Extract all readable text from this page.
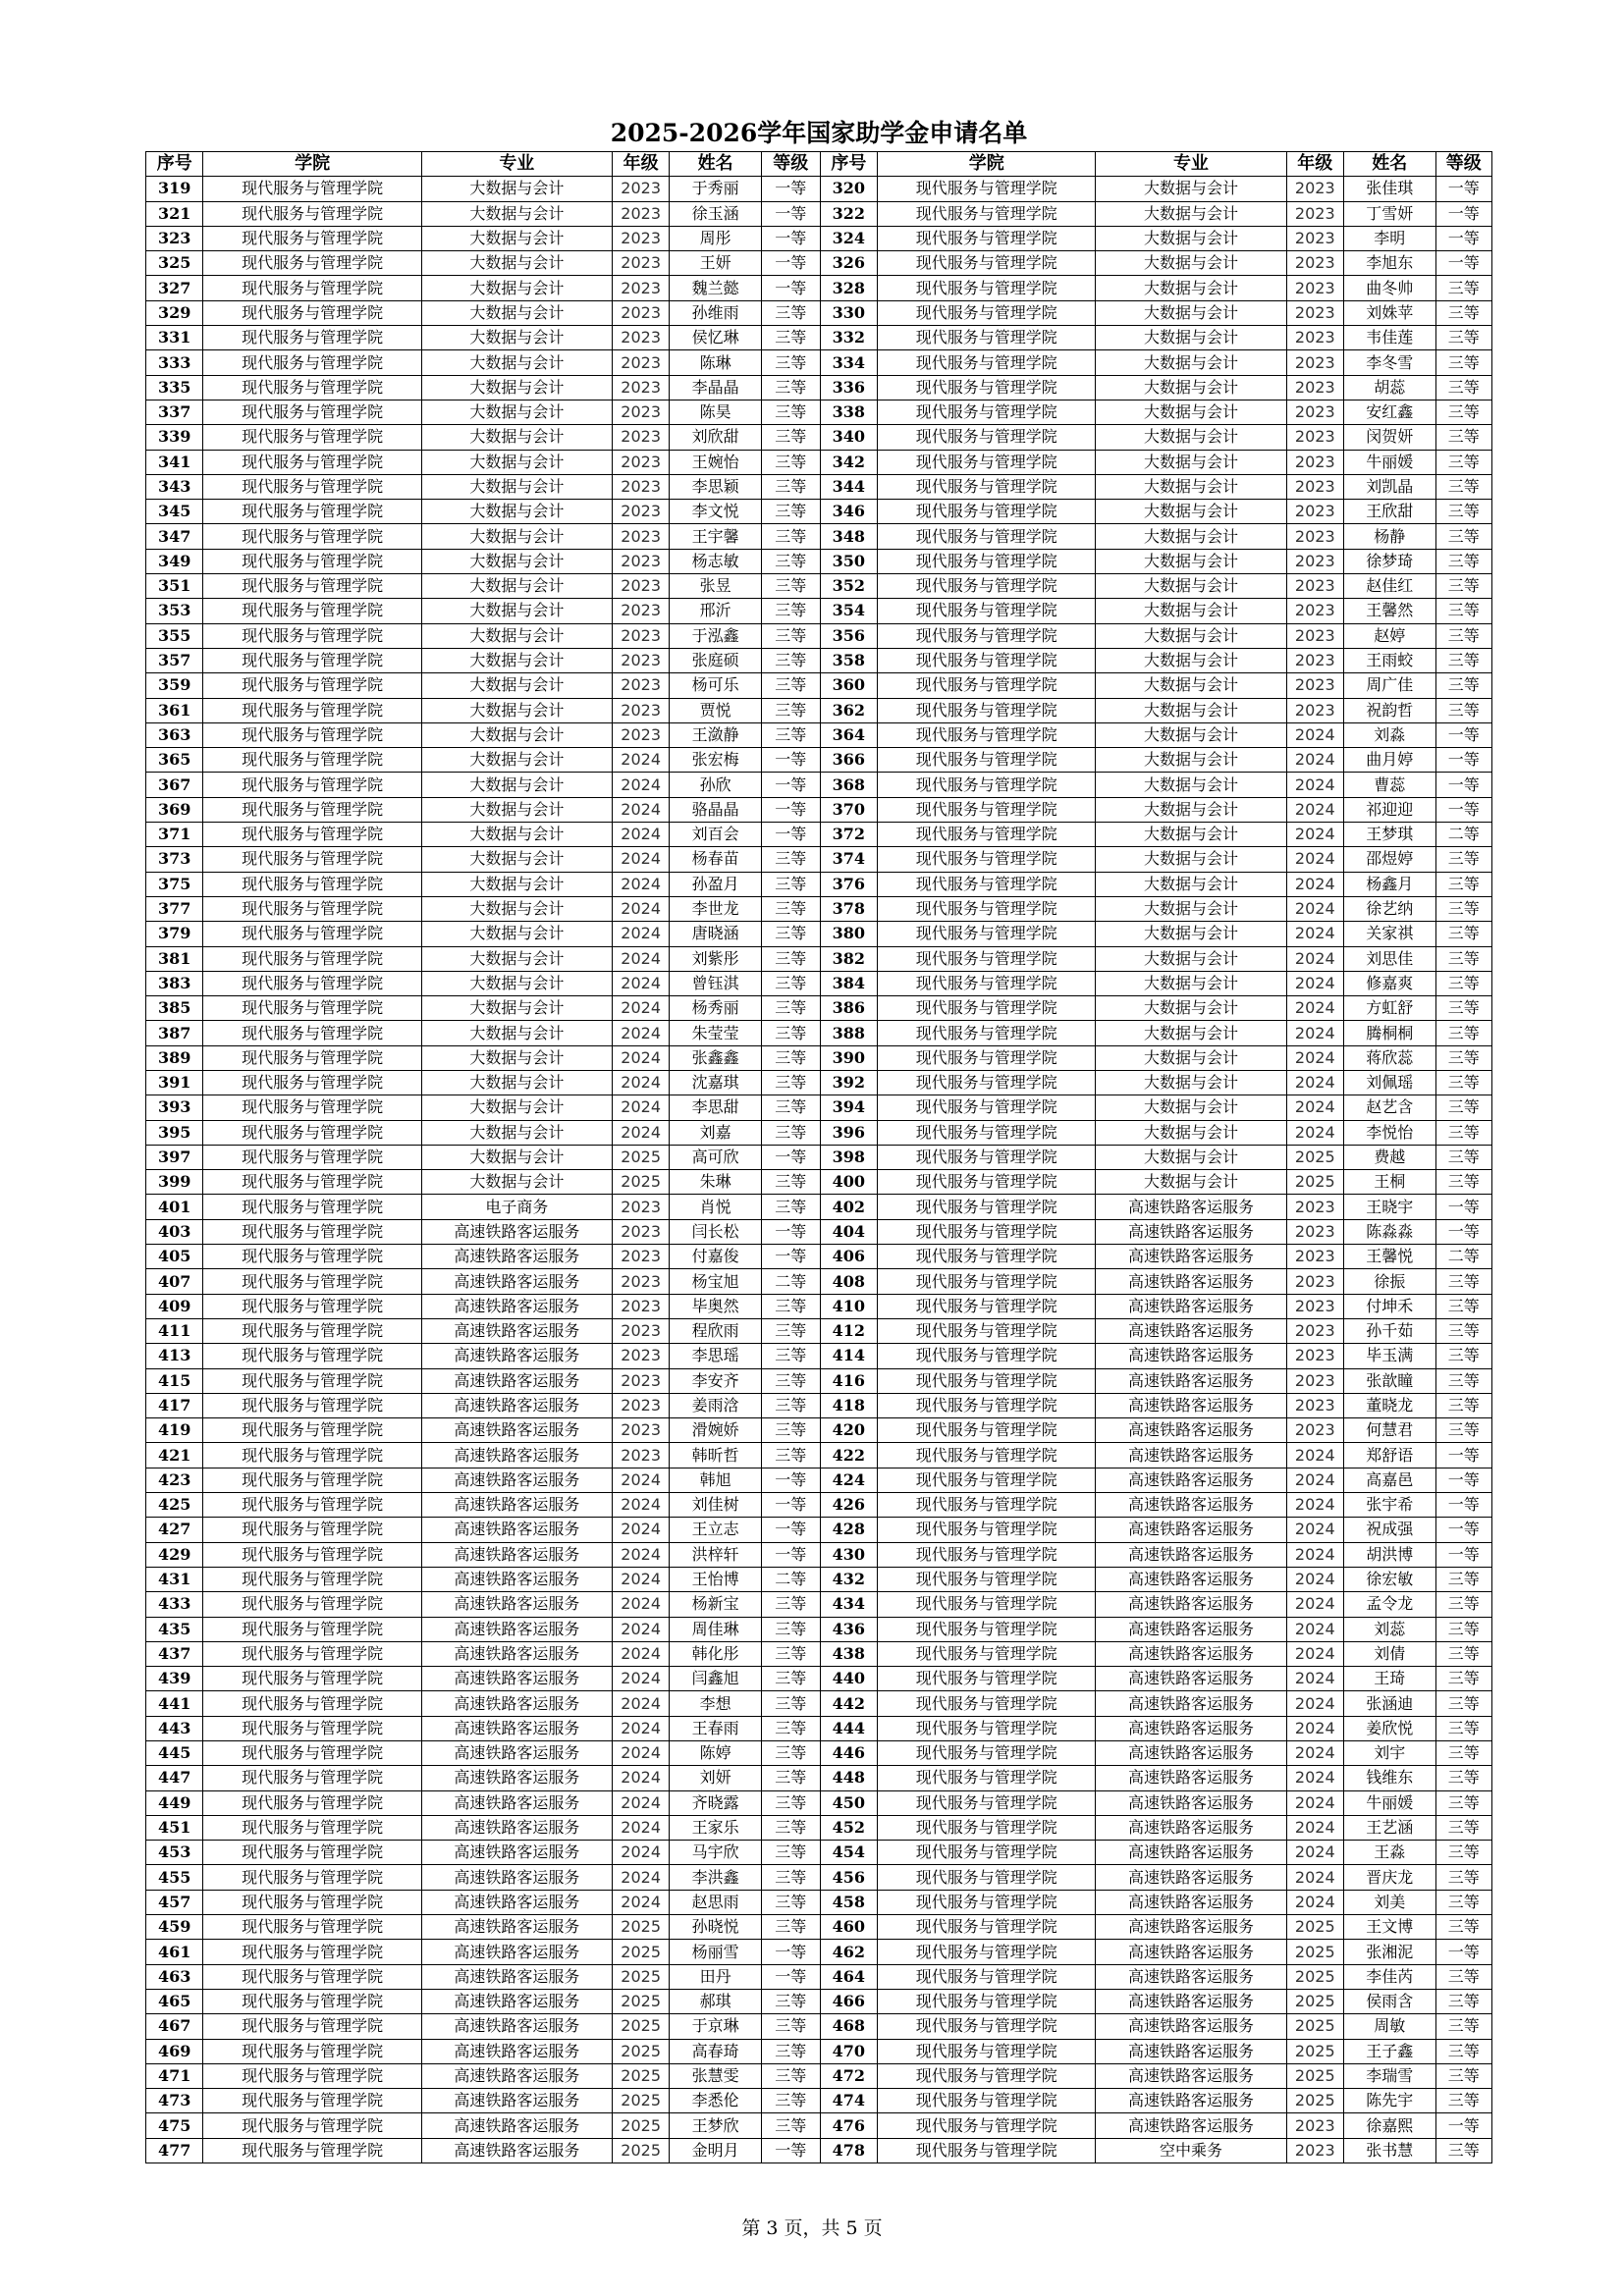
2025-2026学年国家助学金申请名单
序号	学院	专业	年级	姓名	等级	序号	学院	专业	年级	姓名	等级
319	现代服务与管理学院	大数据与会计	2023	于秀丽	一等	320	现代服务与管理学院	大数据与会计	2023	张佳琪	一等
321	现代服务与管理学院	大数据与会计	2023	徐玉涵	一等	322	现代服务与管理学院	大数据与会计	2023	丁雪妍	一等
323	现代服务与管理学院	大数据与会计	2023	周彤	一等	324	现代服务与管理学院	大数据与会计	2023	李明	一等
325	现代服务与管理学院	大数据与会计	2023	王妍	一等	326	现代服务与管理学院	大数据与会计	2023	李旭东	一等
327	现代服务与管理学院	大数据与会计	2023	魏兰懿	一等	328	现代服务与管理学院	大数据与会计	2023	曲冬帅	三等
329	现代服务与管理学院	大数据与会计	2023	孙维雨	三等	330	现代服务与管理学院	大数据与会计	2023	刘姝苹	三等
331	现代服务与管理学院	大数据与会计	2023	侯忆琳	三等	332	现代服务与管理学院	大数据与会计	2023	韦佳莲	三等
333	现代服务与管理学院	大数据与会计	2023	陈琳	三等	334	现代服务与管理学院	大数据与会计	2023	李冬雪	三等
335	现代服务与管理学院	大数据与会计	2023	李晶晶	三等	336	现代服务与管理学院	大数据与会计	2023	胡蕊	三等
337	现代服务与管理学院	大数据与会计	2023	陈昊	三等	338	现代服务与管理学院	大数据与会计	2023	安红鑫	三等
339	现代服务与管理学院	大数据与会计	2023	刘欣甜	三等	340	现代服务与管理学院	大数据与会计	2023	闵贺妍	三等
341	现代服务与管理学院	大数据与会计	2023	王婉怡	三等	342	现代服务与管理学院	大数据与会计	2023	牛丽媛	三等
343	现代服务与管理学院	大数据与会计	2023	李思颖	三等	344	现代服务与管理学院	大数据与会计	2023	刘凯晶	三等
345	现代服务与管理学院	大数据与会计	2023	李文悦	三等	346	现代服务与管理学院	大数据与会计	2023	王欣甜	三等
347	现代服务与管理学院	大数据与会计	2023	王宇馨	三等	348	现代服务与管理学院	大数据与会计	2023	杨静	三等
349	现代服务与管理学院	大数据与会计	2023	杨志敏	三等	350	现代服务与管理学院	大数据与会计	2023	徐梦琦	三等
351	现代服务与管理学院	大数据与会计	2023	张昱	三等	352	现代服务与管理学院	大数据与会计	2023	赵佳红	三等
353	现代服务与管理学院	大数据与会计	2023	邢沂	三等	354	现代服务与管理学院	大数据与会计	2023	王馨然	三等
355	现代服务与管理学院	大数据与会计	2023	于泓鑫	三等	356	现代服务与管理学院	大数据与会计	2023	赵婷	三等
357	现代服务与管理学院	大数据与会计	2023	张庭硕	三等	358	现代服务与管理学院	大数据与会计	2023	王雨蛟	三等
359	现代服务与管理学院	大数据与会计	2023	杨可乐	三等	360	现代服务与管理学院	大数据与会计	2023	周广佳	三等
361	现代服务与管理学院	大数据与会计	2023	贾悦	三等	362	现代服务与管理学院	大数据与会计	2023	祝韵哲	三等
363	现代服务与管理学院	大数据与会计	2023	王潋静	三等	364	现代服务与管理学院	大数据与会计	2024	刘淼	一等
365	现代服务与管理学院	大数据与会计	2024	张宏梅	一等	366	现代服务与管理学院	大数据与会计	2024	曲月婷	一等
367	现代服务与管理学院	大数据与会计	2024	孙欣	一等	368	现代服务与管理学院	大数据与会计	2024	曹蕊	一等
369	现代服务与管理学院	大数据与会计	2024	骆晶晶	一等	370	现代服务与管理学院	大数据与会计	2024	祁迎迎	一等
371	现代服务与管理学院	大数据与会计	2024	刘百会	一等	372	现代服务与管理学院	大数据与会计	2024	王梦琪	二等
373	现代服务与管理学院	大数据与会计	2024	杨春苗	三等	374	现代服务与管理学院	大数据与会计	2024	邵煜婷	三等
375	现代服务与管理学院	大数据与会计	2024	孙盈月	三等	376	现代服务与管理学院	大数据与会计	2024	杨鑫月	三等
377	现代服务与管理学院	大数据与会计	2024	李世龙	三等	378	现代服务与管理学院	大数据与会计	2024	徐艺纳	三等
379	现代服务与管理学院	大数据与会计	2024	唐晓涵	三等	380	现代服务与管理学院	大数据与会计	2024	关家祺	三等
381	现代服务与管理学院	大数据与会计	2024	刘紫彤	三等	382	现代服务与管理学院	大数据与会计	2024	刘思佳	三等
383	现代服务与管理学院	大数据与会计	2024	曾钰淇	三等	384	现代服务与管理学院	大数据与会计	2024	修嘉爽	三等
385	现代服务与管理学院	大数据与会计	2024	杨秀丽	三等	386	现代服务与管理学院	大数据与会计	2024	方虹舒	三等
387	现代服务与管理学院	大数据与会计	2024	朱莹莹	三等	388	现代服务与管理学院	大数据与会计	2024	腾桐桐	三等
389	现代服务与管理学院	大数据与会计	2024	张鑫鑫	三等	390	现代服务与管理学院	大数据与会计	2024	蒋欣蕊	三等
391	现代服务与管理学院	大数据与会计	2024	沈嘉琪	三等	392	现代服务与管理学院	大数据与会计	2024	刘佩瑶	三等
393	现代服务与管理学院	大数据与会计	2024	李思甜	三等	394	现代服务与管理学院	大数据与会计	2024	赵艺含	三等
395	现代服务与管理学院	大数据与会计	2024	刘嘉	三等	396	现代服务与管理学院	大数据与会计	2024	李悦怡	三等
397	现代服务与管理学院	大数据与会计	2025	高可欣	一等	398	现代服务与管理学院	大数据与会计	2025	费越	三等
399	现代服务与管理学院	大数据与会计	2025	朱琳	三等	400	现代服务与管理学院	大数据与会计	2025	王桐	三等
401	现代服务与管理学院	电子商务	2023	肖悦	三等	402	现代服务与管理学院	高速铁路客运服务	2023	王晓宇	一等
403	现代服务与管理学院	高速铁路客运服务	2023	闫长松	一等	404	现代服务与管理学院	高速铁路客运服务	2023	陈淼淼	一等
405	现代服务与管理学院	高速铁路客运服务	2023	付嘉俊	一等	406	现代服务与管理学院	高速铁路客运服务	2023	王馨悦	二等
407	现代服务与管理学院	高速铁路客运服务	2023	杨宝旭	二等	408	现代服务与管理学院	高速铁路客运服务	2023	徐振	三等
409	现代服务与管理学院	高速铁路客运服务	2023	毕奥然	三等	410	现代服务与管理学院	高速铁路客运服务	2023	付坤禾	三等
411	现代服务与管理学院	高速铁路客运服务	2023	程欣雨	三等	412	现代服务与管理学院	高速铁路客运服务	2023	孙千茹	三等
413	现代服务与管理学院	高速铁路客运服务	2023	李思瑶	三等	414	现代服务与管理学院	高速铁路客运服务	2023	毕玉满	三等
415	现代服务与管理学院	高速铁路客运服务	2023	李安齐	三等	416	现代服务与管理学院	高速铁路客运服务	2023	张歆瞳	三等
417	现代服务与管理学院	高速铁路客运服务	2023	姜雨浛	三等	418	现代服务与管理学院	高速铁路客运服务	2023	董晓龙	三等
419	现代服务与管理学院	高速铁路客运服务	2023	滑婉娇	三等	420	现代服务与管理学院	高速铁路客运服务	2023	何慧君	三等
421	现代服务与管理学院	高速铁路客运服务	2023	韩昕哲	三等	422	现代服务与管理学院	高速铁路客运服务	2024	郑舒语	一等
423	现代服务与管理学院	高速铁路客运服务	2024	韩旭	一等	424	现代服务与管理学院	高速铁路客运服务	2024	高嘉邑	一等
425	现代服务与管理学院	高速铁路客运服务	2024	刘佳树	一等	426	现代服务与管理学院	高速铁路客运服务	2024	张宇希	一等
427	现代服务与管理学院	高速铁路客运服务	2024	王立志	一等	428	现代服务与管理学院	高速铁路客运服务	2024	祝成强	一等
429	现代服务与管理学院	高速铁路客运服务	2024	洪梓轩	一等	430	现代服务与管理学院	高速铁路客运服务	2024	胡洪博	一等
431	现代服务与管理学院	高速铁路客运服务	2024	王怡博	二等	432	现代服务与管理学院	高速铁路客运服务	2024	徐宏敏	三等
433	现代服务与管理学院	高速铁路客运服务	2024	杨新宝	三等	434	现代服务与管理学院	高速铁路客运服务	2024	孟令龙	三等
435	现代服务与管理学院	高速铁路客运服务	2024	周佳琳	三等	436	现代服务与管理学院	高速铁路客运服务	2024	刘蕊	三等
437	现代服务与管理学院	高速铁路客运服务	2024	韩化彤	三等	438	现代服务与管理学院	高速铁路客运服务	2024	刘倩	三等
439	现代服务与管理学院	高速铁路客运服务	2024	闫鑫旭	三等	440	现代服务与管理学院	高速铁路客运服务	2024	王琦	三等
441	现代服务与管理学院	高速铁路客运服务	2024	李想	三等	442	现代服务与管理学院	高速铁路客运服务	2024	张涵迪	三等
443	现代服务与管理学院	高速铁路客运服务	2024	王春雨	三等	444	现代服务与管理学院	高速铁路客运服务	2024	姜欣悦	三等
445	现代服务与管理学院	高速铁路客运服务	2024	陈婷	三等	446	现代服务与管理学院	高速铁路客运服务	2024	刘宇	三等
447	现代服务与管理学院	高速铁路客运服务	2024	刘妍	三等	448	现代服务与管理学院	高速铁路客运服务	2024	钱维东	三等
449	现代服务与管理学院	高速铁路客运服务	2024	齐晓露	三等	450	现代服务与管理学院	高速铁路客运服务	2024	牛丽媛	三等
451	现代服务与管理学院	高速铁路客运服务	2024	王家乐	三等	452	现代服务与管理学院	高速铁路客运服务	2024	王艺涵	三等
453	现代服务与管理学院	高速铁路客运服务	2024	马宇欣	三等	454	现代服务与管理学院	高速铁路客运服务	2024	王淼	三等
455	现代服务与管理学院	高速铁路客运服务	2024	李洪鑫	三等	456	现代服务与管理学院	高速铁路客运服务	2024	晋庆龙	三等
457	现代服务与管理学院	高速铁路客运服务	2024	赵思雨	三等	458	现代服务与管理学院	高速铁路客运服务	2024	刘美	三等
459	现代服务与管理学院	高速铁路客运服务	2025	孙晓悦	三等	460	现代服务与管理学院	高速铁路客运服务	2025	王文博	三等
461	现代服务与管理学院	高速铁路客运服务	2025	杨丽雪	一等	462	现代服务与管理学院	高速铁路客运服务	2025	张湘泥	一等
463	现代服务与管理学院	高速铁路客运服务	2025	田丹	一等	464	现代服务与管理学院	高速铁路客运服务	2025	李佳芮	三等
465	现代服务与管理学院	高速铁路客运服务	2025	郝琪	三等	466	现代服务与管理学院	高速铁路客运服务	2025	侯雨含	三等
467	现代服务与管理学院	高速铁路客运服务	2025	于京琳	三等	468	现代服务与管理学院	高速铁路客运服务	2025	周敏	三等
469	现代服务与管理学院	高速铁路客运服务	2025	高春琦	三等	470	现代服务与管理学院	高速铁路客运服务	2025	王子鑫	三等
471	现代服务与管理学院	高速铁路客运服务	2025	张慧雯	三等	472	现代服务与管理学院	高速铁路客运服务	2025	李瑞雪	三等
473	现代服务与管理学院	高速铁路客运服务	2025	李悉伦	三等	474	现代服务与管理学院	高速铁路客运服务	2025	陈先宇	三等
475	现代服务与管理学院	高速铁路客运服务	2025	王梦欣	三等	476	现代服务与管理学院	高速铁路客运服务	2023	徐嘉熙	一等
477	现代服务与管理学院	高速铁路客运服务	2025	金明月	一等	478	现代服务与管理学院	空中乘务	2023	张书慧	三等
第 3 页，共 5 页
